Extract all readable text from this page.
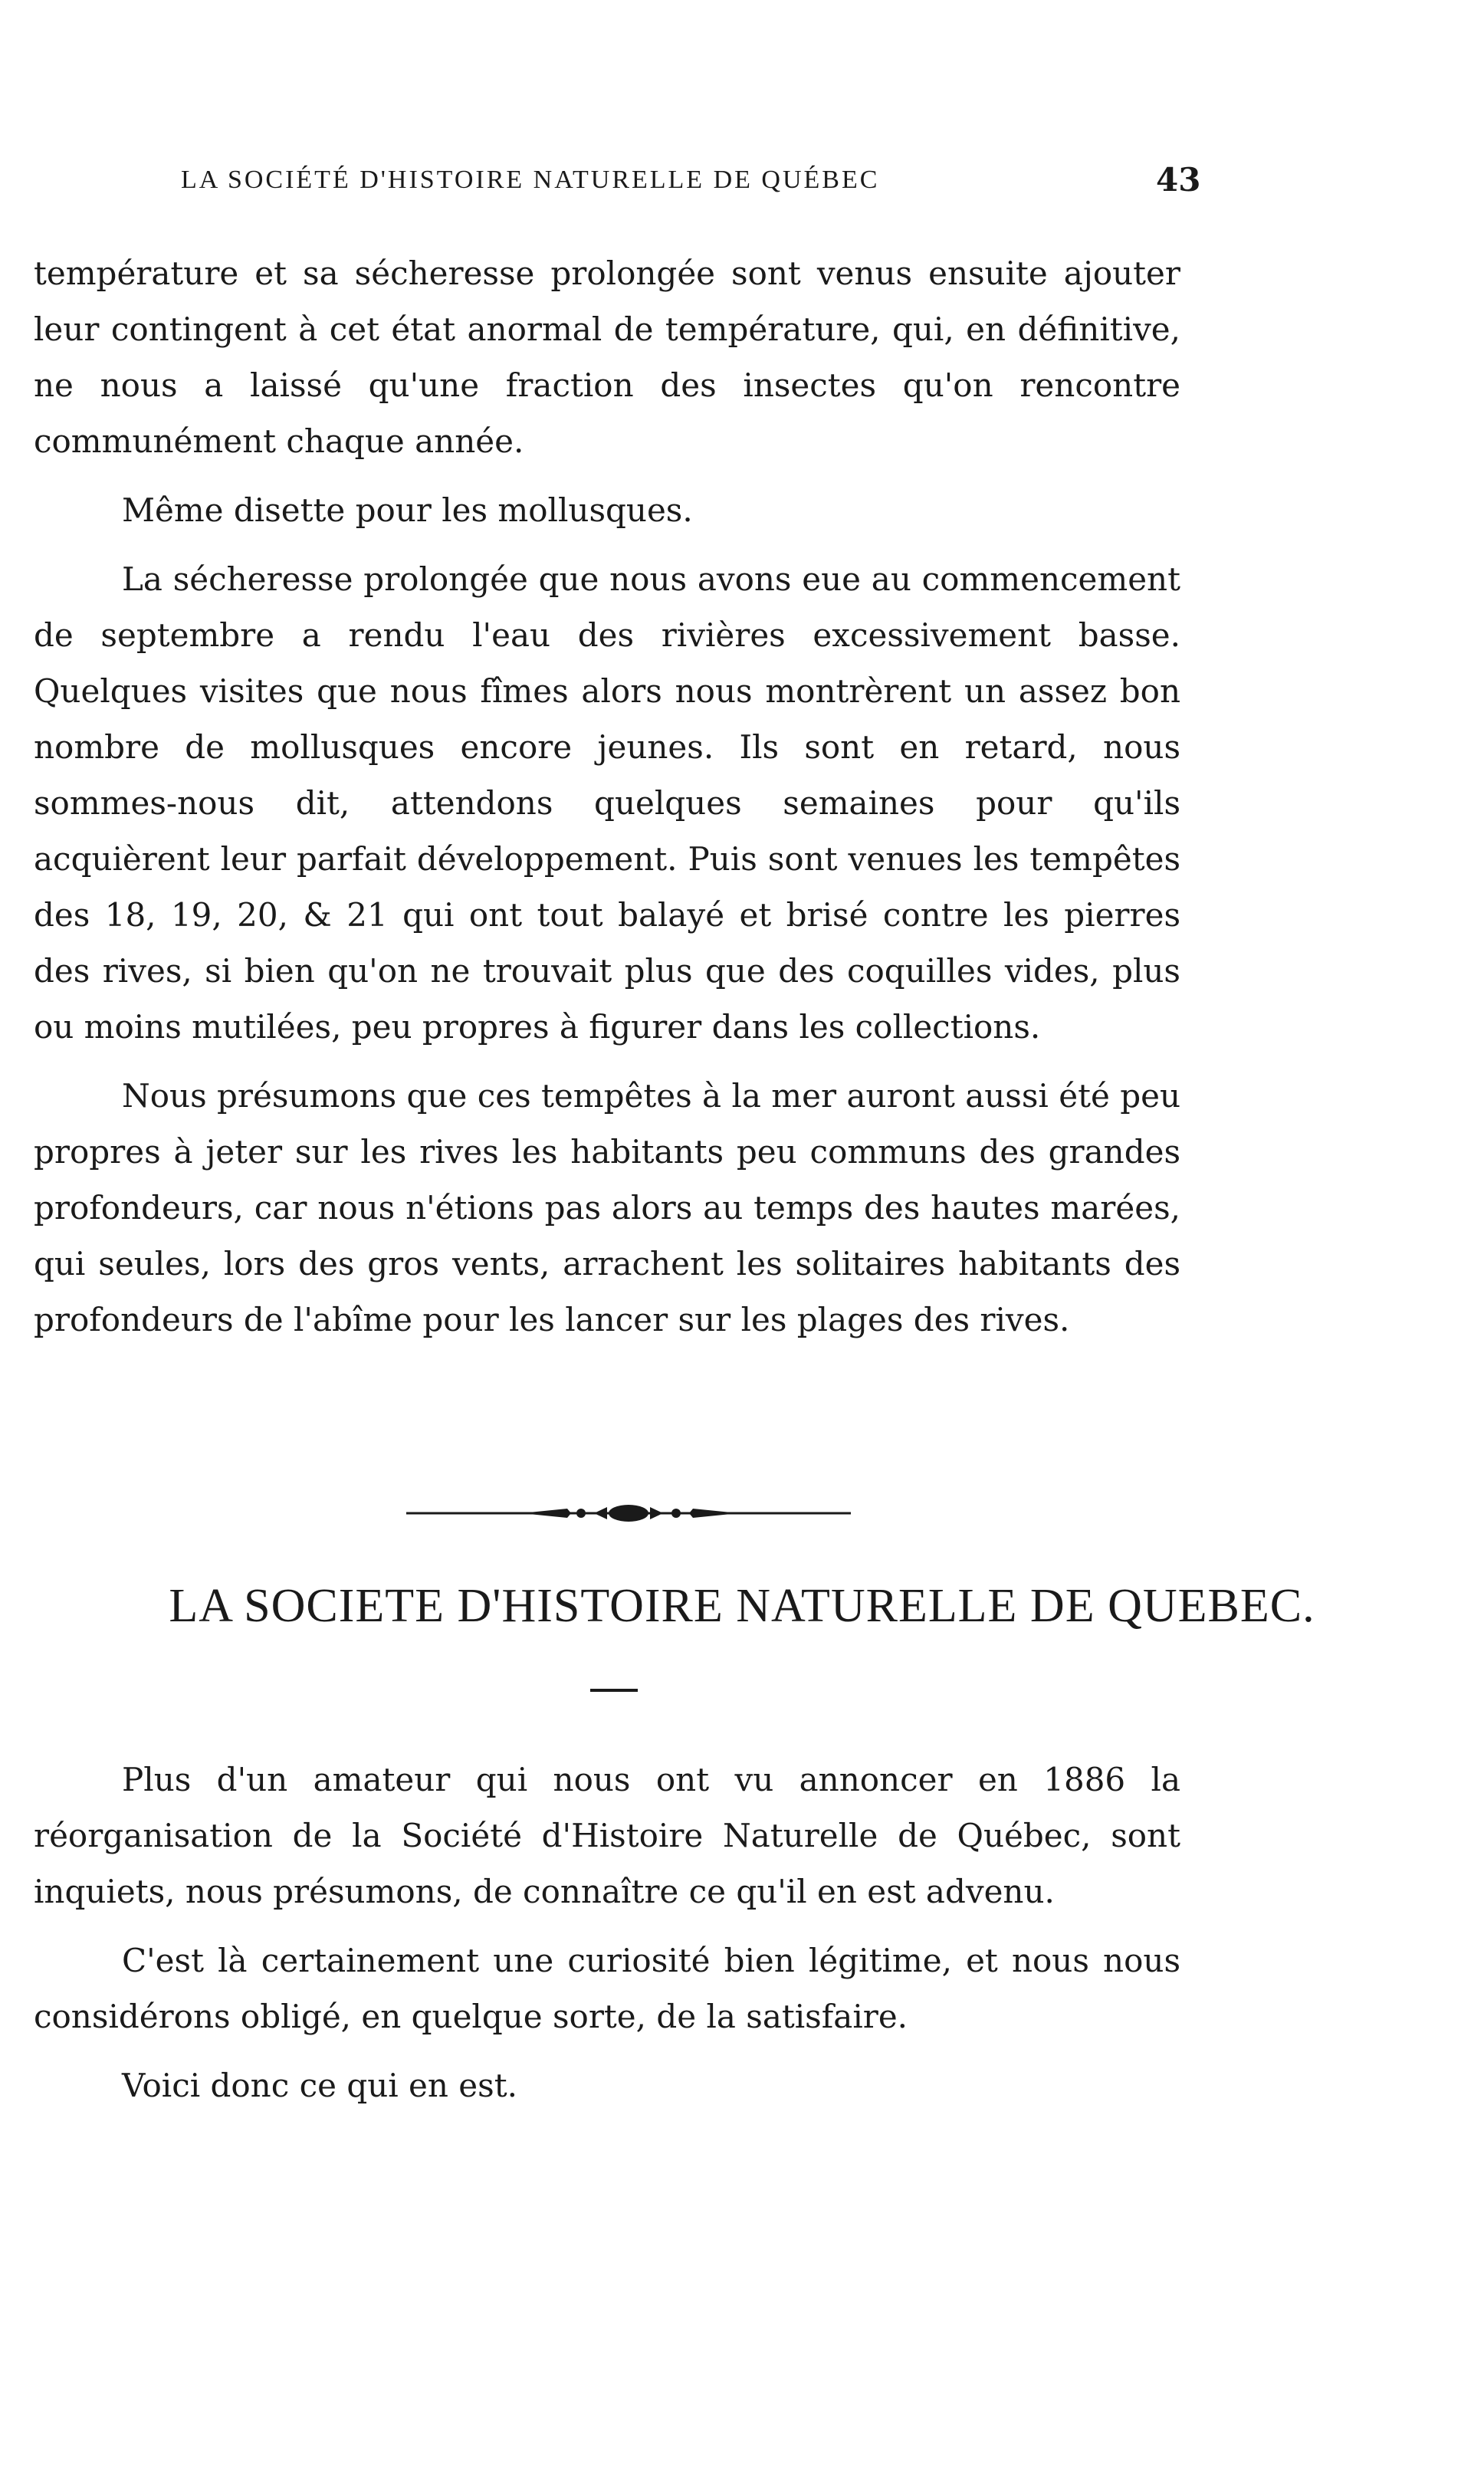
LA SOCIÉTÉ D'HISTOIRE NATURELLE DE QUÉBEC	43

température et sa sécheresse prolongée sont venus ensuite ajouter leur contingent à cet état anormal de température, qui, en définitive, ne nous a laissé qu'une fraction des insectes qu'on rencontre communément chaque année.

Même disette pour les mollusques.

La sécheresse prolongée que nous avons eue au commencement de septembre a rendu l'eau des rivières excessivement basse. Quelques visites que nous fîmes alors nous montrèrent un assez bon nombre de mollusques encore jeunes. Ils sont en retard, nous sommes-nous dit, attendons quelques semaines pour qu'ils acquièrent leur parfait développement. Puis sont venues les tempêtes des 18, 19, 20, & 21 qui ont tout balayé et brisé contre les pierres des rives, si bien qu'on ne trouvait plus que des coquilles vides, plus ou moins mutilées, peu propres à figurer dans les collections.

Nous présumons que ces tempêtes à la mer auront aussi été peu propres à jeter sur les rives les habitants peu communs des grandes profondeurs, car nous n'étions pas alors au temps des hautes marées, qui seules, lors des gros vents, arrachent les solitaires habitants des profondeurs de l'abîme pour les lancer sur les plages des rives.

LA SOCIETE D'HISTOIRE NATURELLE DE QUEBEC.

Plus d'un amateur qui nous ont vu annoncer en 1886 la réorganisation de la Société d'Histoire Naturelle de Québec, sont inquiets, nous présumons, de connaître ce qu'il en est advenu.

C'est là certainement une curiosité bien légitime, et nous nous considérons obligé, en quelque sorte, de la satisfaire.

Voici donc ce qui en est.
